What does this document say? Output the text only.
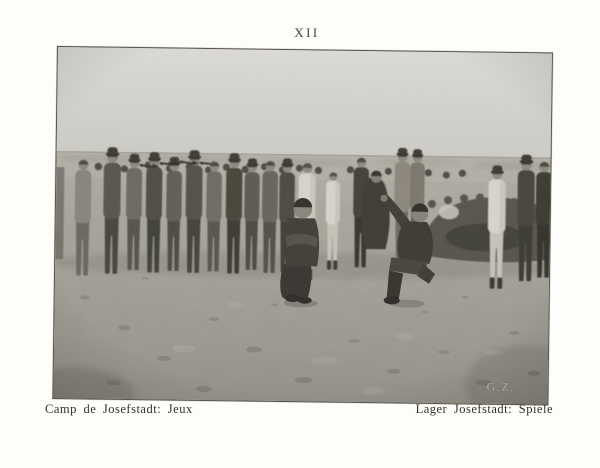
XII
Camp de Josefstadt: Jeux	Lager Josefstadt: Spiele
